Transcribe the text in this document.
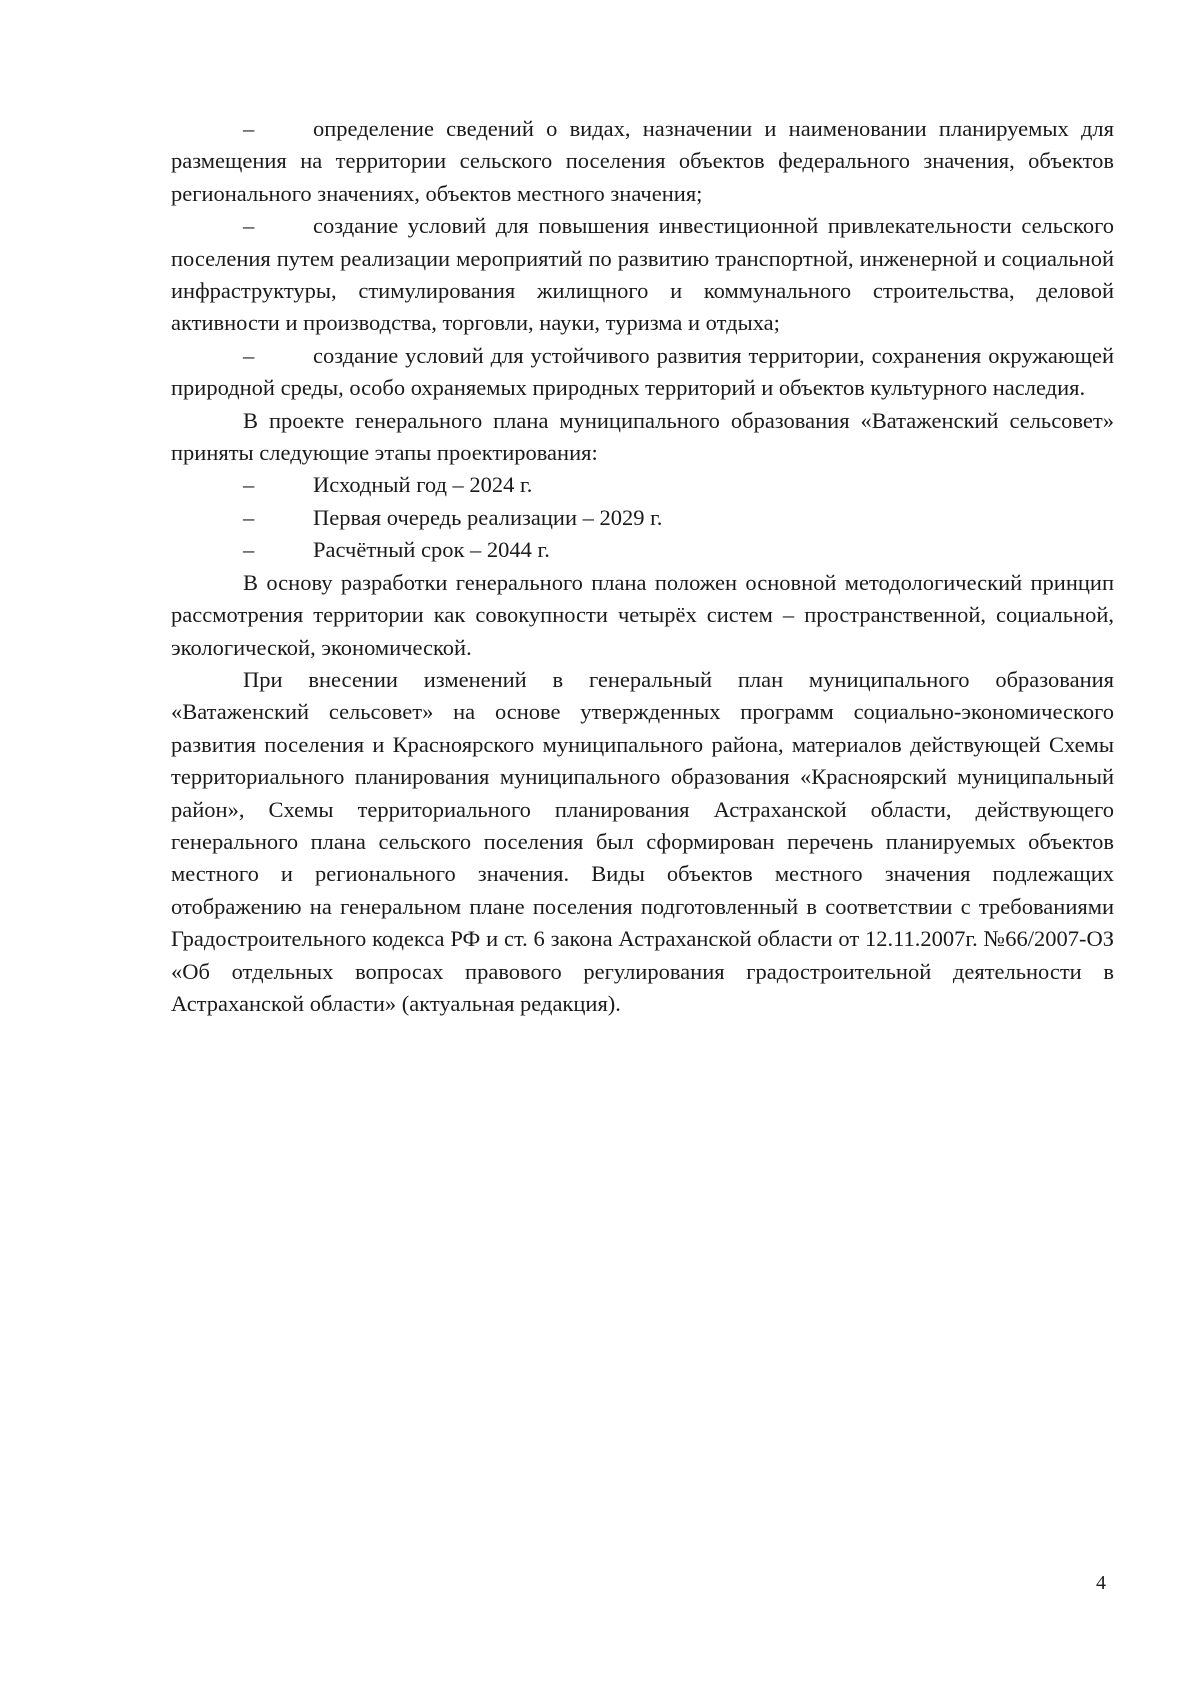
–	определение сведений о видах, назначении и наименовании планируемых для размещения на территории сельского поселения объектов федерального значения, объектов регионального значениях, объектов местного значения;

–	создание условий для повышения инвестиционной привлекательности сельского поселения путем реализации мероприятий по развитию транспортной, инженерной и социальной инфраструктуры, стимулирования жилищного и коммунального строительства, деловой активности и производства, торговли, науки, туризма и отдыха;

–	создание условий для устойчивого развития территории, сохранения окружающей природной среды, особо охраняемых природных территорий и объектов культурного наследия.

В проекте генерального плана муниципального образования «Ватаженский сельсовет» приняты следующие этапы проектирования:

–	Исходный год – 2024 г.

–	Первая очередь реализации – 2029 г.

–	Расчётный срок – 2044 г.

В основу разработки генерального плана положен основной методологический принцип рассмотрения территории как совокупности четырёх систем – пространственной, социальной, экологической, экономической.

При внесении изменений в генеральный план муниципального образования «Ватаженский сельсовет» на основе утвержденных программ социально-экономического развития поселения и Красноярского муниципального района, материалов действующей Схемы территориального планирования муниципального образования «Красноярский муниципальный район», Схемы территориального планирования Астраханской области, действующего генерального плана сельского поселения был сформирован перечень планируемых объектов местного и регионального значения. Виды объектов местного значения подлежащих отображению на генеральном плане поселения подготовленный в соответствии с требованиями Градостроительного кодекса РФ и ст. 6 закона Астраханской области от 12.11.2007г. №66/2007-ОЗ «Об отдельных вопросах правового регулирования градостроительной деятельности в Астраханской области» (актуальная редакция).

4
